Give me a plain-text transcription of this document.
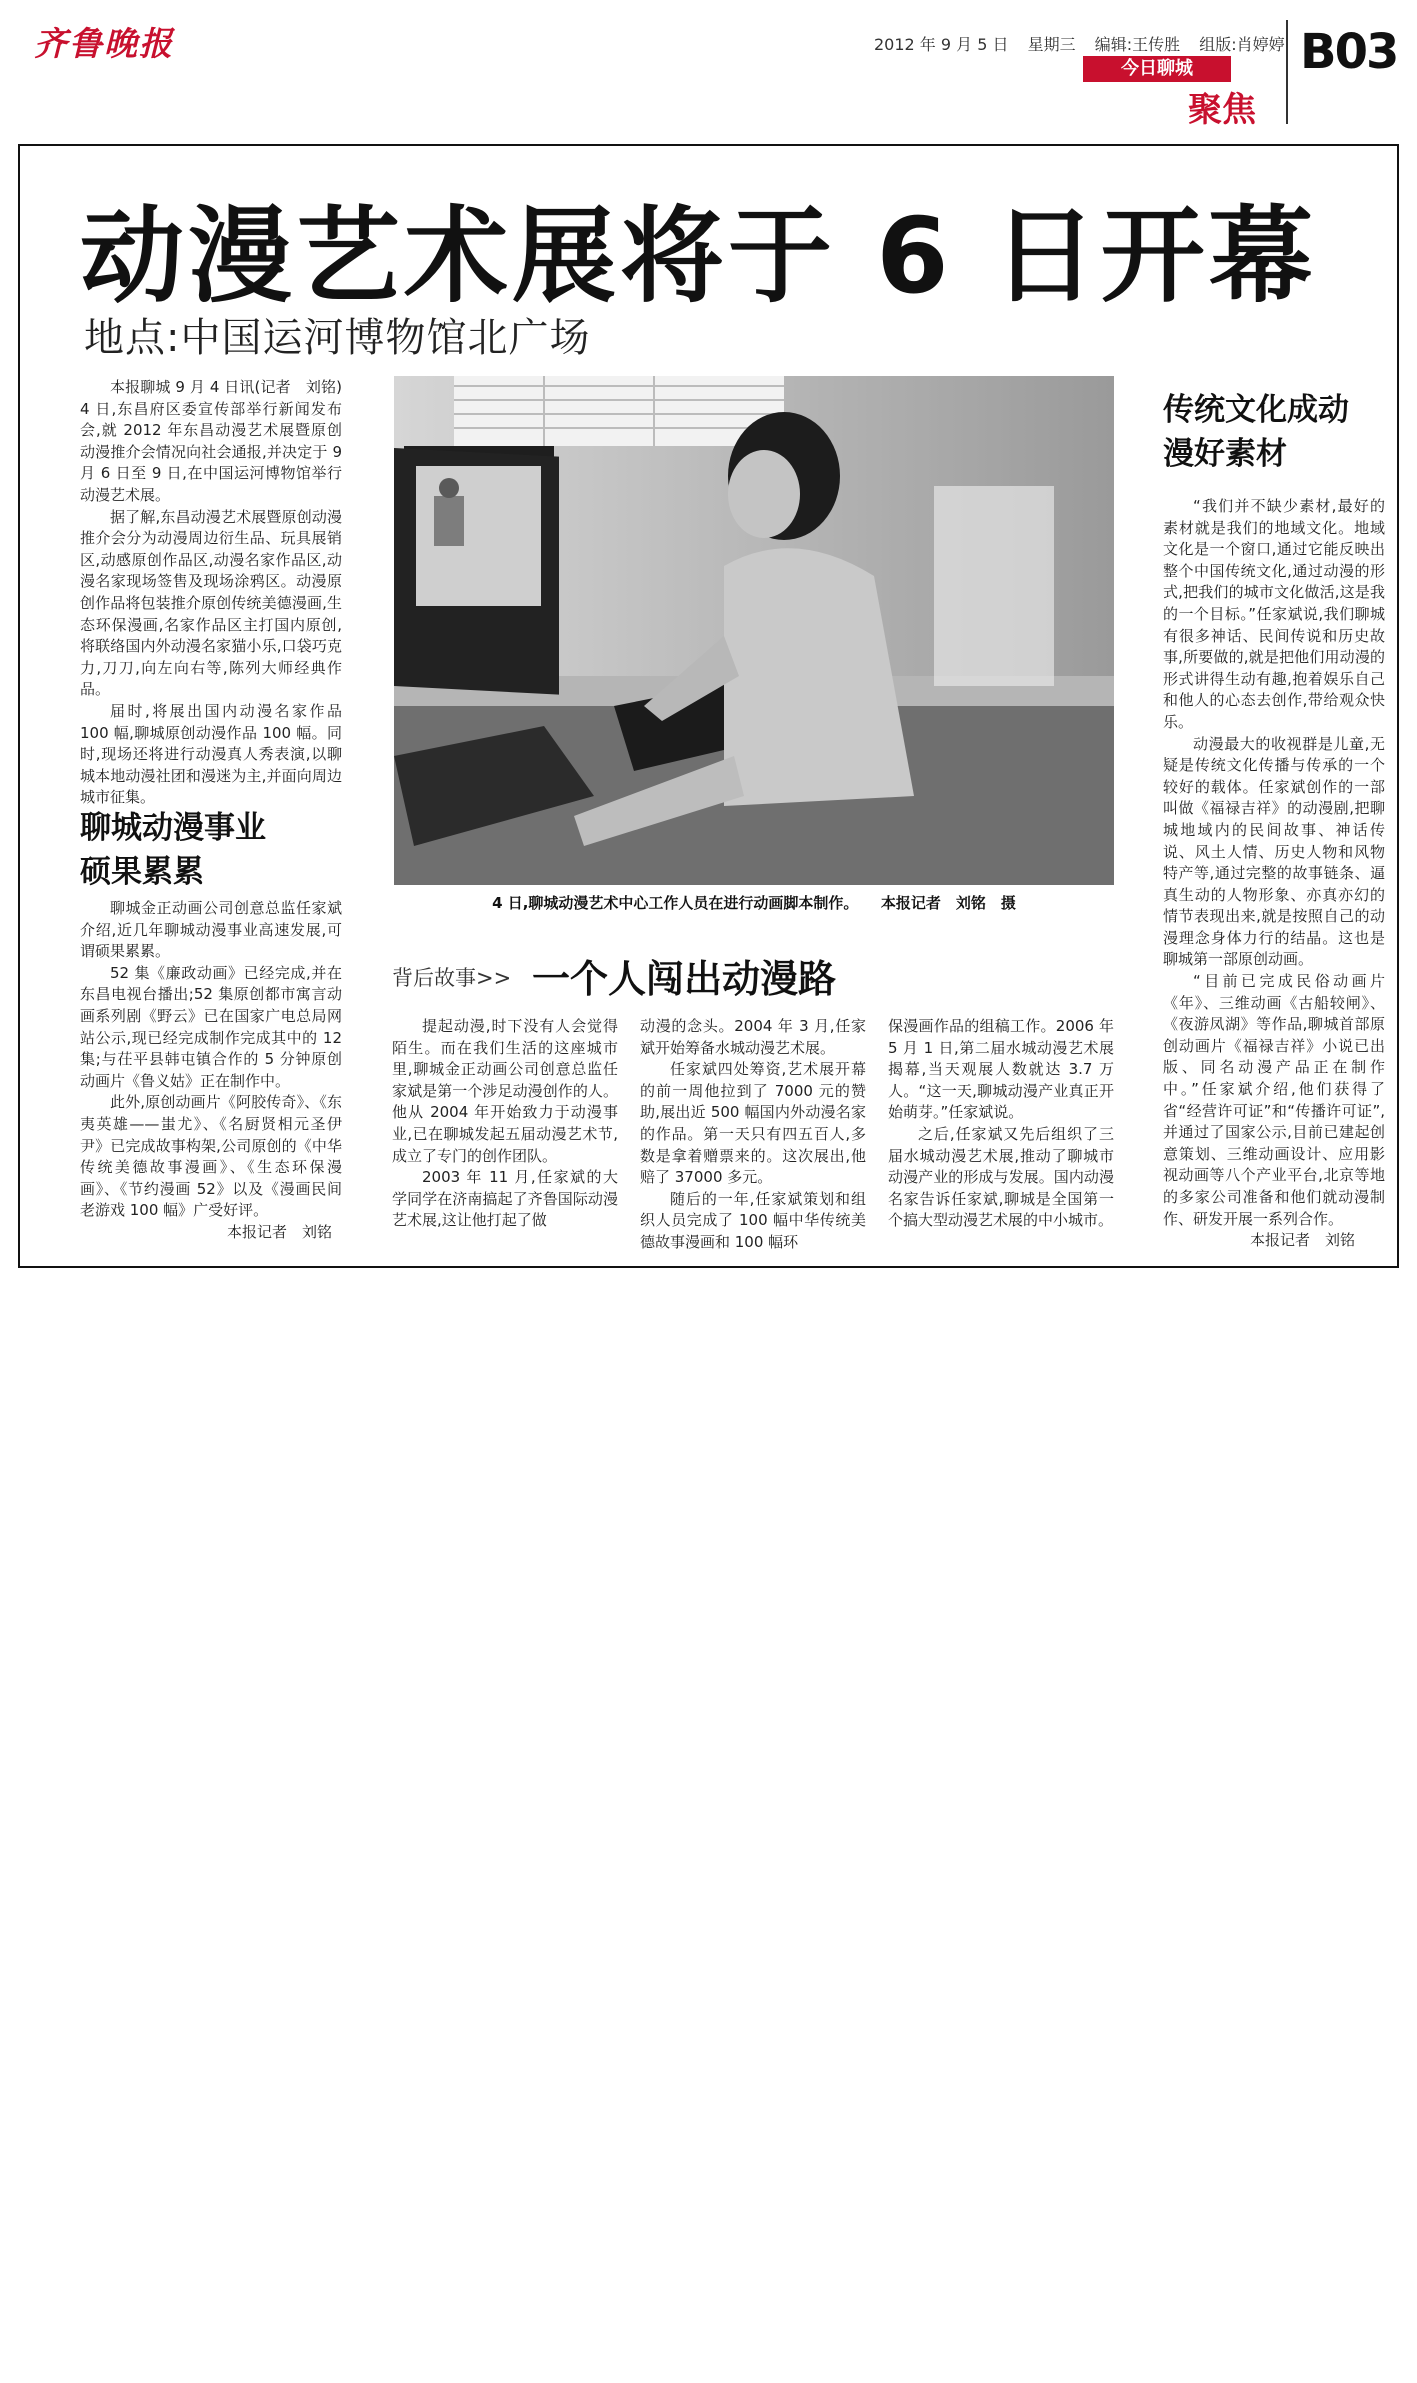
齐鲁晚报	2012 年 9 月 5 日 星期三 编辑:王传胜 组版:肖婷婷
今日聊城
聚焦
B03
动漫艺术展将于 6 日开幕
地点:中国运河博物馆北广场

本报聊城 9 月 4 日讯(记者　刘铭)　4 日,东昌府区委宣传部举行新闻发布会,就 2012 年东昌动漫艺术展暨原创动漫推介会情况向社会通报,并决定于 9 月 6 日至 9 日,在中国运河博物馆举行动漫艺术展。

据了解,东昌动漫艺术展暨原创动漫推介会分为动漫周边衍生品、玩具展销区,动感原创作品区,动漫名家作品区,动漫名家现场签售及现场涂鸦区。动漫原创作品将包装推介原创传统美德漫画,生态环保漫画,名家作品区主打国内原创,将联络国内外动漫名家猫小乐,口袋巧克力,刀刀,向左向右等,陈列大师经典作品。

届时,将展出国内动漫名家作品 100 幅,聊城原创动漫作品 100 幅。同时,现场还将进行动漫真人秀表演,以聊城本地动漫社团和漫迷为主,并面向周边城市征集。

聊城动漫事业硕果累累

聊城金正动画公司创意总监任家斌介绍,近几年聊城动漫事业高速发展,可谓硕果累累。

52 集《廉政动画》已经完成,并在东昌电视台播出;52 集原创都市寓言动画系列剧《野云》已在国家广电总局网站公示,现已经完成制作完成其中的 12 集;与茌平县韩屯镇合作的 5 分钟原创动画片《鲁义姑》正在制作中。

此外,原创动画片《阿胶传奇》、《东夷英雄——蚩尤》、《名厨贤相元圣伊尹》已完成故事构架,公司原创的《中华传统美德故事漫画》、《生态环保漫画》、《节约漫画 52》以及《漫画民间老游戏 100 幅》广受好评。

本报记者　刘铭
4 日,聊城动漫艺术中心工作人员在进行动画脚本制作。　　本报记者　刘铭　摄
传统文化成动漫好素材

“我们并不缺少素材,最好的素材就是我们的地域文化。地域文化是一个窗口,通过它能反映出整个中国传统文化,通过动漫的形式,把我们的城市文化做活,这是我的一个目标。”任家斌说,我们聊城有很多神话、民间传说和历史故事,所要做的,就是把他们用动漫的形式讲得生动有趣,抱着娱乐自己和他人的心态去创作,带给观众快乐。

动漫最大的收视群是儿童,无疑是传统文化传播与传承的一个较好的载体。任家斌创作的一部叫做《福禄吉祥》的动漫剧,把聊城地域内的民间故事、神话传说、风土人情、历史人物和风物特产等,通过完整的故事链条、逼真生动的人物形象、亦真亦幻的情节表现出来,就是按照自己的动漫理念身体力行的结晶。这也是聊城第一部原创动画。

“目前已完成民俗动画片《年》、三维动画《古船较闸》、《夜游凤湖》等作品,聊城首部原创动画片《福禄吉祥》小说已出版、同名动漫产品正在制作中。”任家斌介绍,他们获得了省“经营许可证”和“传播许可证”,并通过了国家公示,目前已建起创意策划、三维动画设计、应用影视动画等八个产业平台,北京等地的多家公司准备和他们就动漫制作、研发开展一系列合作。

本报记者　刘铭
背后故事>> 一个人闯出动漫路

提起动漫,时下没有人会觉得陌生。而在我们生活的这座城市里,聊城金正动画公司创意总监任家斌是第一个涉足动漫创作的人。他从 2004 年开始致力于动漫事业,已在聊城发起五届动漫艺术节,成立了专门的创作团队。

2003 年 11 月,任家斌的大学同学在济南搞起了齐鲁国际动漫艺术展,这让他打起了做

动漫的念头。2004 年 3 月,任家斌开始筹备水城动漫艺术展。

任家斌四处筹资,艺术展开幕的前一周他拉到了 7000 元的赞助,展出近 500 幅国内外动漫名家的作品。第一天只有四五百人,多数是拿着赠票来的。这次展出,他赔了 37000 多元。

随后的一年,任家斌策划和组织人员完成了 100 幅中华传统美德故事漫画和 100 幅环

保漫画作品的组稿工作。2006 年 5 月 1 日,第二届水城动漫艺术展揭幕,当天观展人数就达 3.7 万人。“这一天,聊城动漫产业真正开始萌芽。”任家斌说。

之后,任家斌又先后组织了三届水城动漫艺术展,推动了聊城市动漫产业的形成与发展。国内动漫名家告诉任家斌,聊城是全国第一个搞大型动漫艺术展的中小城市。
